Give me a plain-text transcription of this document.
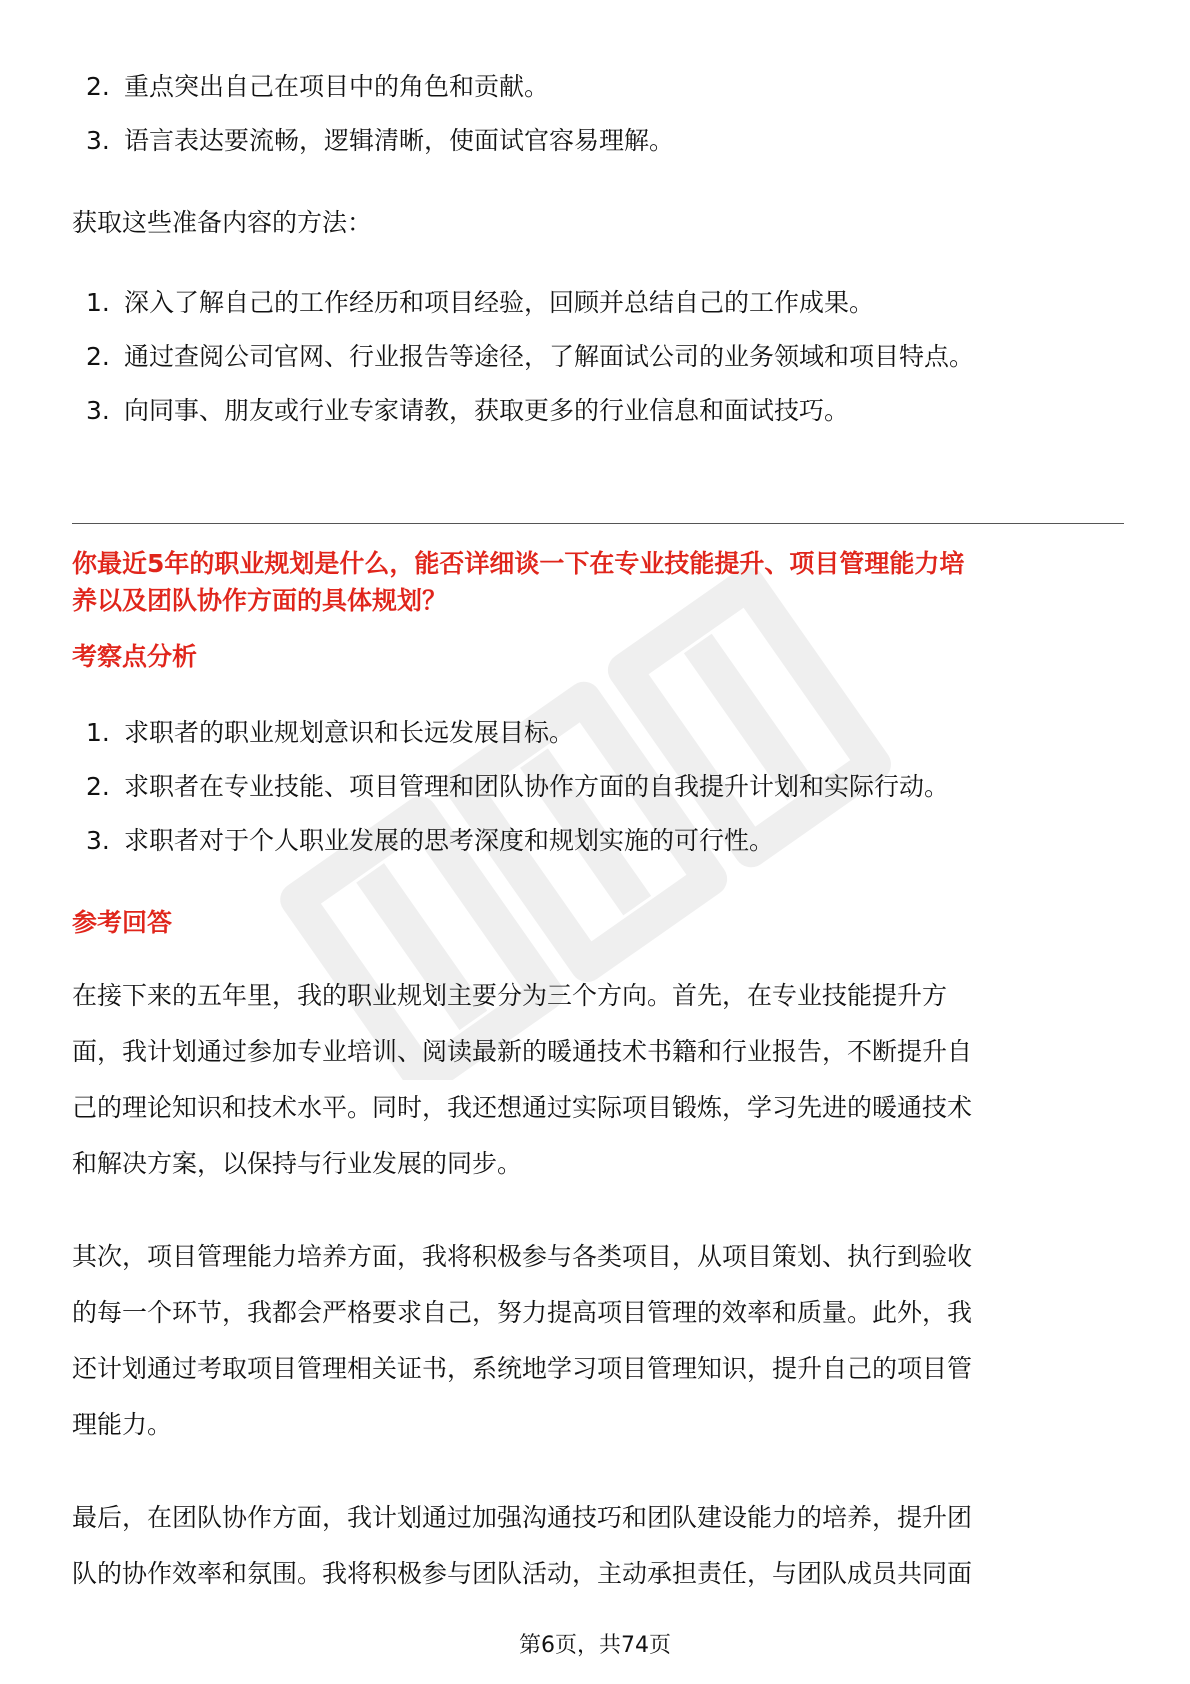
2. 重点突出自己在项目中的角色和贡献。
3. 语言表达要流畅，逻辑清晰，使面试官容易理解。

获取这些准备内容的方法：

1. 深入了解自己的工作经历和项目经验，回顾并总结自己的工作成果。
2. 通过查阅公司官网、行业报告等途径，了解面试公司的业务领域和项目特点。
3. 向同事、朋友或行业专家请教，获取更多的行业信息和面试技巧。

你最近5年的职业规划是什么，能否详细谈一下在专业技能提升、项目管理能力培

养以及团队协作方面的具体规划？

考察点分析

1. 求职者的职业规划意识和长远发展目标。
2. 求职者在专业技能、项目管理和团队协作方面的自我提升计划和实际行动。
3. 求职者对于个人职业发展的思考深度和规划实施的可行性。

参考回答

在接下来的五年里，我的职业规划主要分为三个方向。首先，在专业技能提升方

面，我计划通过参加专业培训、阅读最新的暖通技术书籍和行业报告，不断提升自

己的理论知识和技术水平。同时，我还想通过实际项目锻炼，学习先进的暖通技术

和解决方案，以保持与行业发展的同步。

其次，项目管理能力培养方面，我将积极参与各类项目，从项目策划、执行到验收

的每一个环节，我都会严格要求自己，努力提高项目管理的效率和质量。此外，我

还计划通过考取项目管理相关证书，系统地学习项目管理知识，提升自己的项目管

理能力。

最后，在团队协作方面，我计划通过加强沟通技巧和团队建设能力的培养，提升团

队的协作效率和氛围。我将积极参与团队活动，主动承担责任，与团队成员共同面

第6页，共74页
